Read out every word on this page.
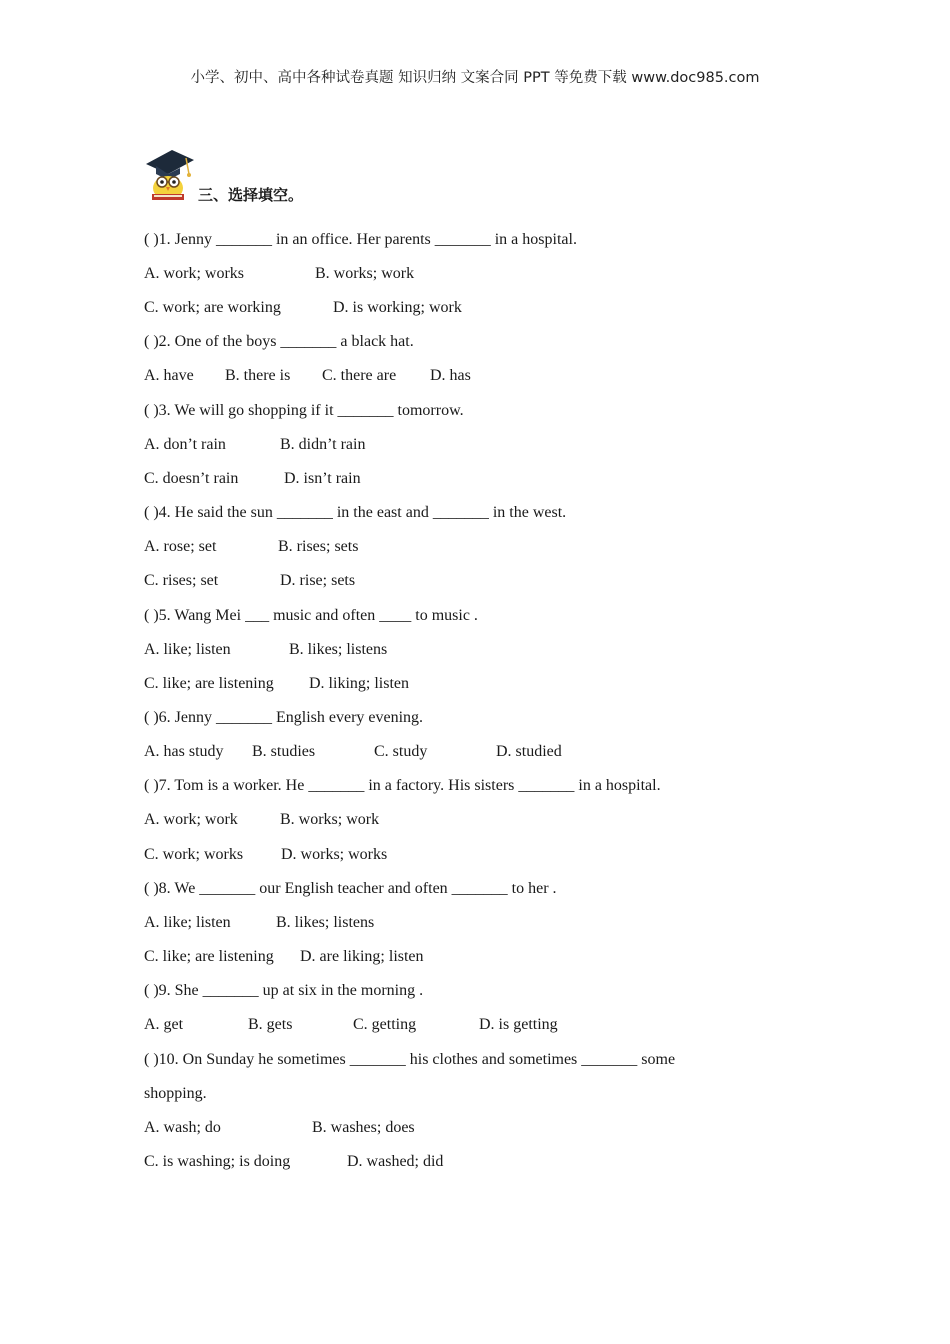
小学、初中、高中各种试卷真题 知识归纳 文案合同 PPT 等免费下载 www.doc985.com
三、选择填空。
( )1. Jenny _______ in an office. Her parents _______ in a hospital.
A. work; works	B. works; work
C. work; are working	D. is working; work
( )2. One of the boys _______ a black hat.
A. have B. there is C. there are D. has
( )3. We will go shopping if it _______ tomorrow.
A. don’t rain	B. didn’t rain
C. doesn’t rain	D. isn’t rain
( )4. He said the sun _______ in the east and _______ in the west.
A. rose; set	B. rises; sets
C. rises; set	D. rise; sets
( )5. Wang Mei ___ music and often ____ to music .
A. like; listen	B. likes; listens
C. like; are listening D. liking; listen
( )6. Jenny _______ English every evening.
A. has study B. studies	C. study	D. studied
( )7. Tom is a worker. He _______ in a factory. His sisters _______ in a hospital.
A. work; work	B. works; work
C. work; works D. works; works
( )8. We _______ our English teacher and often _______ to her .
A. like; listen	B. likes; listens
C. like; are listening D. are liking; listen
( )9. She _______ up at six in the morning .
A. get	B. gets	C. getting	D. is getting
( )10. On Sunday he sometimes _______ his clothes and sometimes _______ some
shopping.
A. wash; do	B. washes; does
C. is washing; is doing	D. washed; did
